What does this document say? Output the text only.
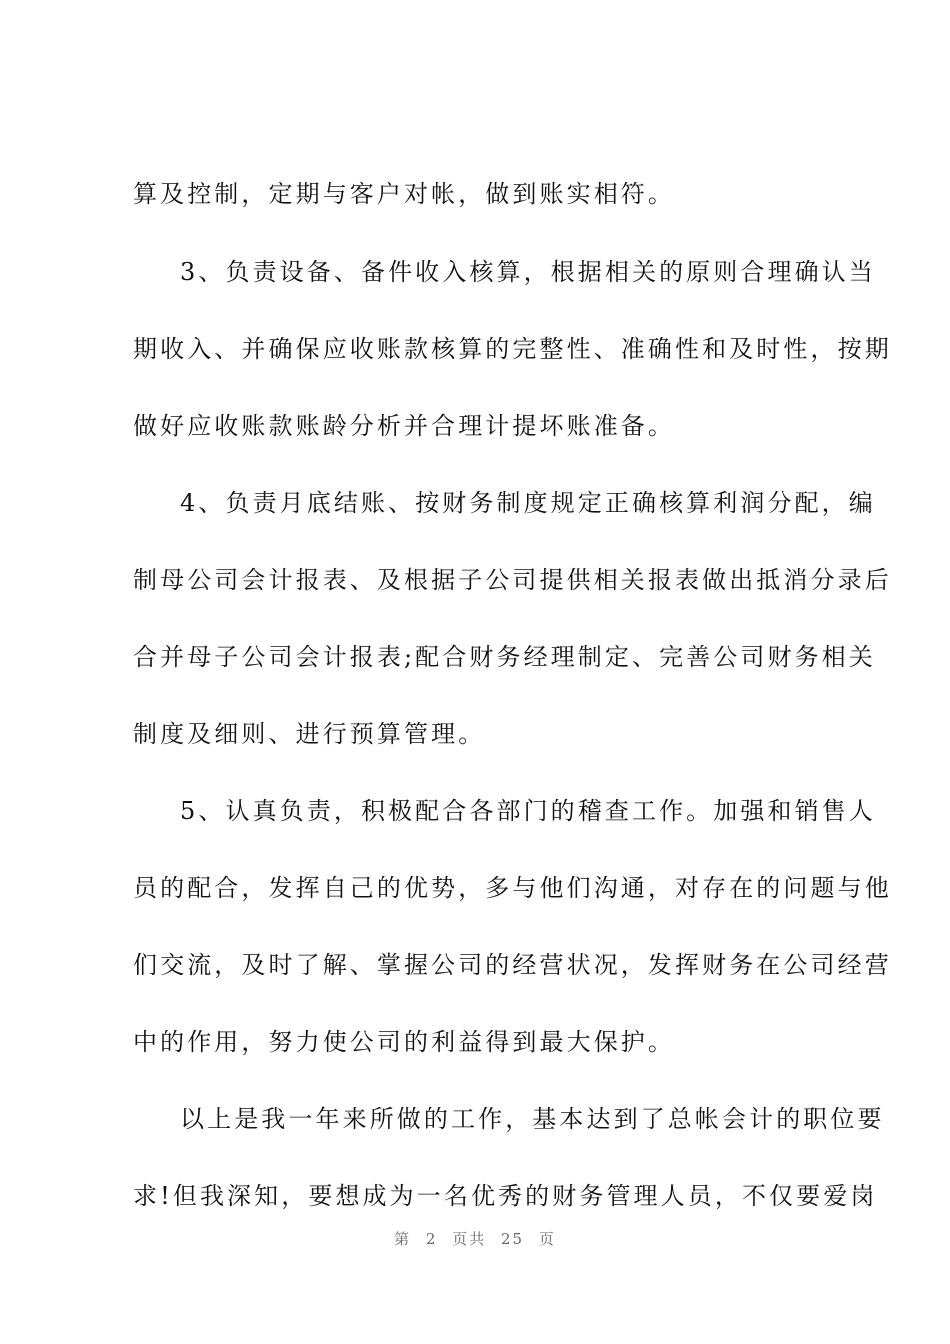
算及控制，定期与客户对帐，做到账实相符。
3、负责设备、备件收入核算，根据相关的原则合理确认当
期收入、并确保应收账款核算的完整性、准确性和及时性，按期
做好应收账款账龄分析并合理计提坏账准备。
4、负责月底结账、按财务制度规定正确核算利润分配，编
制母公司会计报表、及根据子公司提供相关报表做出抵消分录后
合并母子公司会计报表;配合财务经理制定、完善公司财务相关
制度及细则、进行预算管理。
5、认真负责，积极配合各部门的稽查工作。加强和销售人
员的配合，发挥自己的优势，多与他们沟通，对存在的问题与他
们交流，及时了解、掌握公司的经营状况，发挥财务在公司经营
中的作用，努力使公司的利益得到最大保护。
以上是我一年来所做的工作，基本达到了总帐会计的职位要
求!但我深知，要想成为一名优秀的财务管理人员，不仅要爱岗
第 2 页共 25 页
